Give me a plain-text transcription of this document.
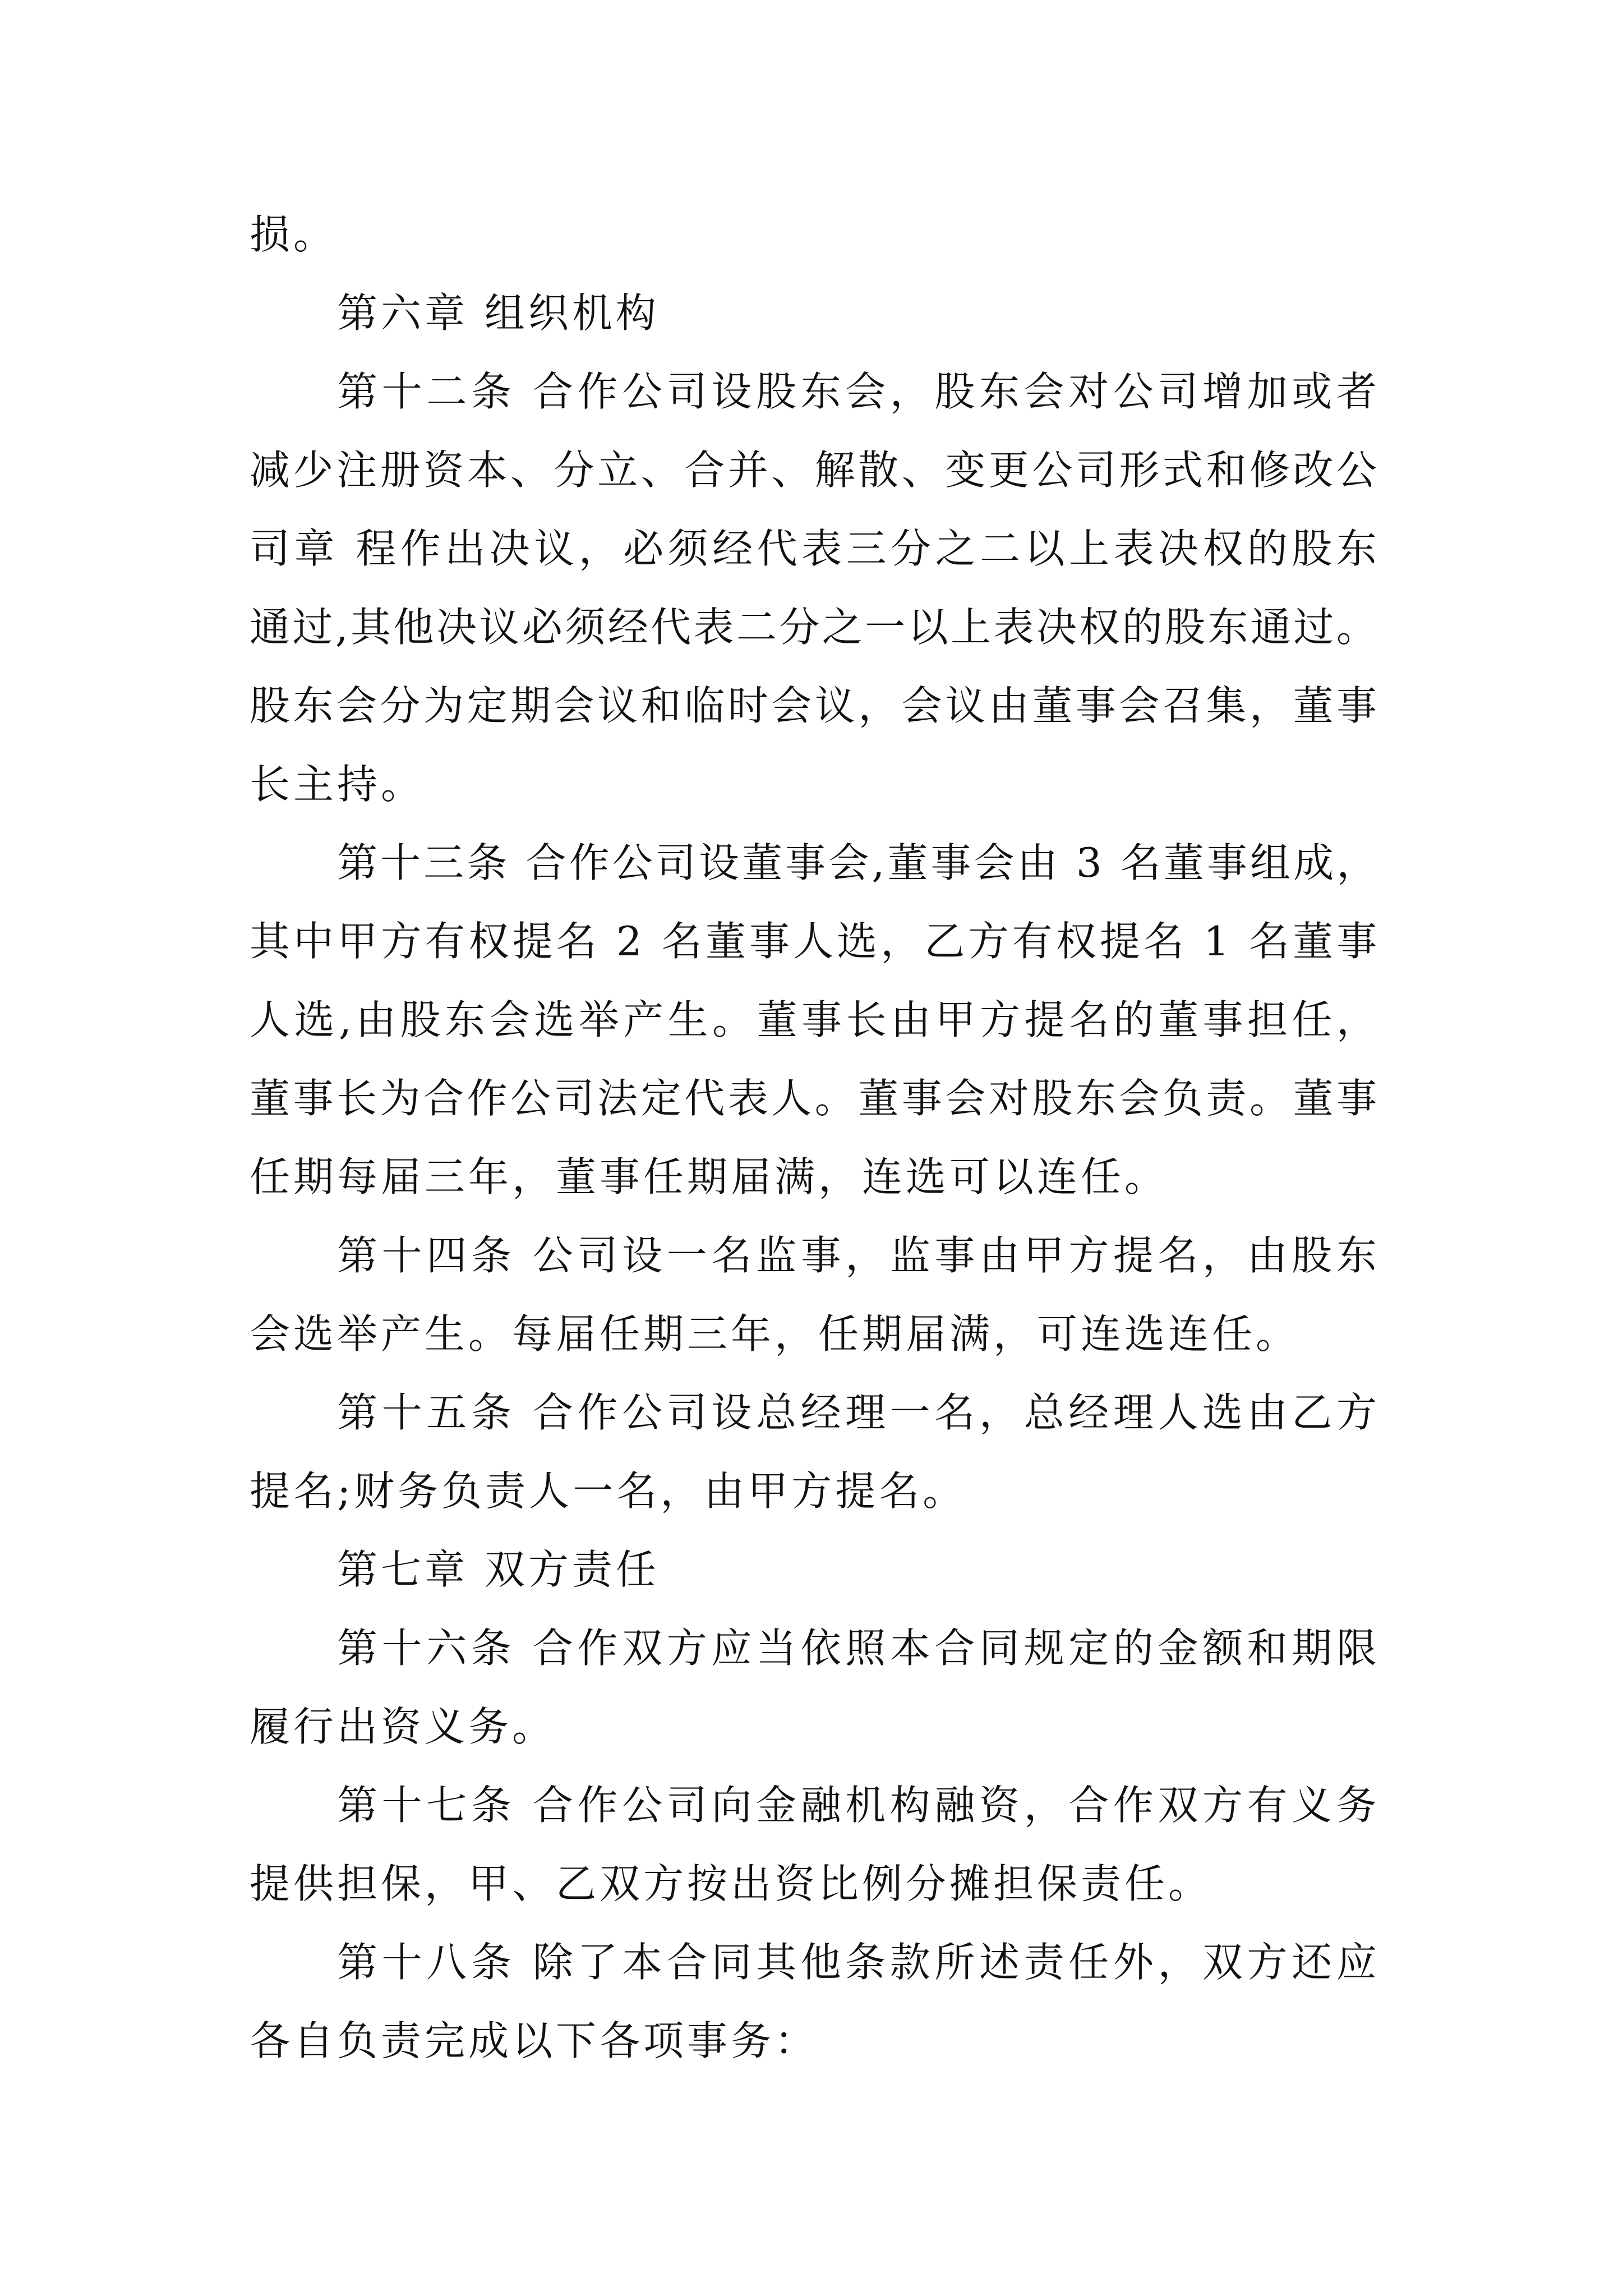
损。
第六章 组织机构
第十二条 合作公司设股东会，股东会对公司增加或者
减少注册资本、分立、合并、解散、变更公司形式和修改公
司章 程作出决议，必须经代表三分之二以上表决权的股东
通过,其他决议必须经代表二分之一以上表决权的股东通过。
股东会分为定期会议和临时会议，会议由董事会召集，董事
长主持。
第十三条 合作公司设董事会,董事会由 3 名董事组成，
其中甲方有权提名 2 名董事人选，乙方有权提名 1 名董事
人选,由股东会选举产生。董事长由甲方提名的董事担任，
董事长为合作公司法定代表人。董事会对股东会负责。董事
任期每届三年，董事任期届满，连选可以连任。
第十四条 公司设一名监事，监事由甲方提名，由股东
会选举产生。每届任期三年，任期届满，可连选连任。
第十五条 合作公司设总经理一名，总经理人选由乙方
提名;财务负责人一名，由甲方提名。
第七章 双方责任
第十六条 合作双方应当依照本合同规定的金额和期限
履行出资义务。
第十七条 合作公司向金融机构融资，合作双方有义务
提供担保，甲、乙双方按出资比例分摊担保责任。
第十八条 除了本合同其他条款所述责任外，双方还应
各自负责完成以下各项事务：
